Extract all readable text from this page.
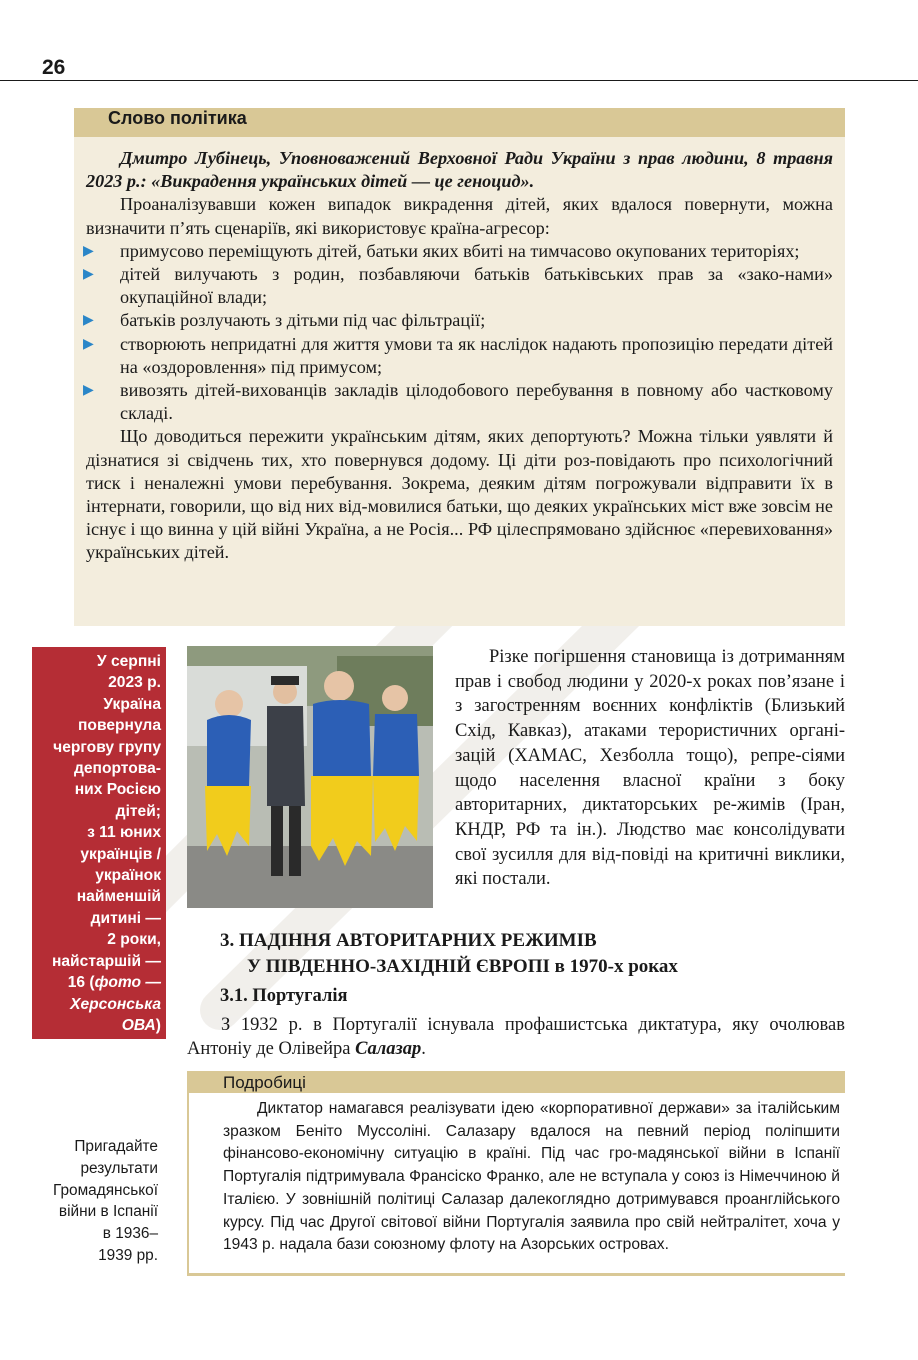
26
Слово політика

Дмитро Лубінець, Уповноважений Верховної Ради України з прав людини, 8 травня 2023 р.: «Викрадення українських дітей — це геноцид».

Проаналізувавши кожен випадок викрадення дітей, яких вдалося повернути, можна визначити п’ять сценаріїв, які використовує країна-агресор:

▶ примусово переміщують дітей, батьки яких вбиті на тимчасово окупованих територіях;
▶ дітей вилучають з родин, позбавляючи батьків батьківських прав за «зако-нами» окупаційної влади;
▶ батьків розлучають з дітьми під час фільтрації;
▶ створюють непридатні для життя умови та як наслідок надають пропозицію передати дітей на «оздоровлення» під примусом;
▶ вивозять дітей-вихованців закладів цілодобового перебування в повному або частковому складі.

Що доводиться пережити українським дітям, яких депортують? Можна тільки уявляти й дізнатися зі свідчень тих, хто повернувся додому. Ці діти роз-повідають про психологічний тиск і неналежні умови перебування. Зокрема, деяким дітям погрожували відправити їх в інтернати, говорили, що від них від-мовилися батьки, що деяких українських міст вже зовсім не існує і що винна у цій війні Україна, а не Росія... РФ цілеспрямовано здійснює «перевиховання» українських дітей.

У серпні
2023 р.
Україна
повернула
чергову групу
депортова-
них Росією
дітей;
з 11 юних
українців /
українок
найменшій
дитині —
2 роки,
найстаршій —
16 (фото —
Херсонська
ОВА)

Різке погіршення становища із дотриманням прав і свобод людини у 2020-х роках пов’язане і з загостренням воєнних конфліктів (Близький Схід, Кавказ), атаками терористичних органі-зацій (ХАМАС, Хезболла тощо), репре-сіями щодо населення власної країни з боку авторитарних, диктаторських ре-жимів (Іран, КНДР, РФ та ін.). Людство має консолідувати свої зусилля для від-повіді на критичні виклики, які постали.

3. ПАДІННЯ АВТОРИТАРНИХ РЕЖИМІВ
У ПІВДЕННО-ЗАХІДНІЙ ЄВРОПІ в 1970-х роках
3.1. Португалія

З 1932 р. в Португалії існувала профашистська диктатура, яку очолював Антоніу де Олівейра Салазар.

Подробиці

Диктатор намагався реалізувати ідею «корпоративної держави» за італійським зразком Беніто Муссоліні. Салазару вдалося на певний період поліпшити фінансово-економічну ситуацію в країні. Під час гро-мадянської війни в Іспанії Португалія підтримувала Франсіско Франко, але не вступала у союз із Німеччиною й Італією. У зовнішній політиці Салазар далекоглядно дотримувався проанглійського курсу. Під час Другої світової війни Португалія заявила про свій нейтралітет, хоча у 1943 р. надала бази союзному флоту на Азорських островах.

Пригадайте
результати
Громадянської
війни в Іспанії
в 1936–
1939 рр.
